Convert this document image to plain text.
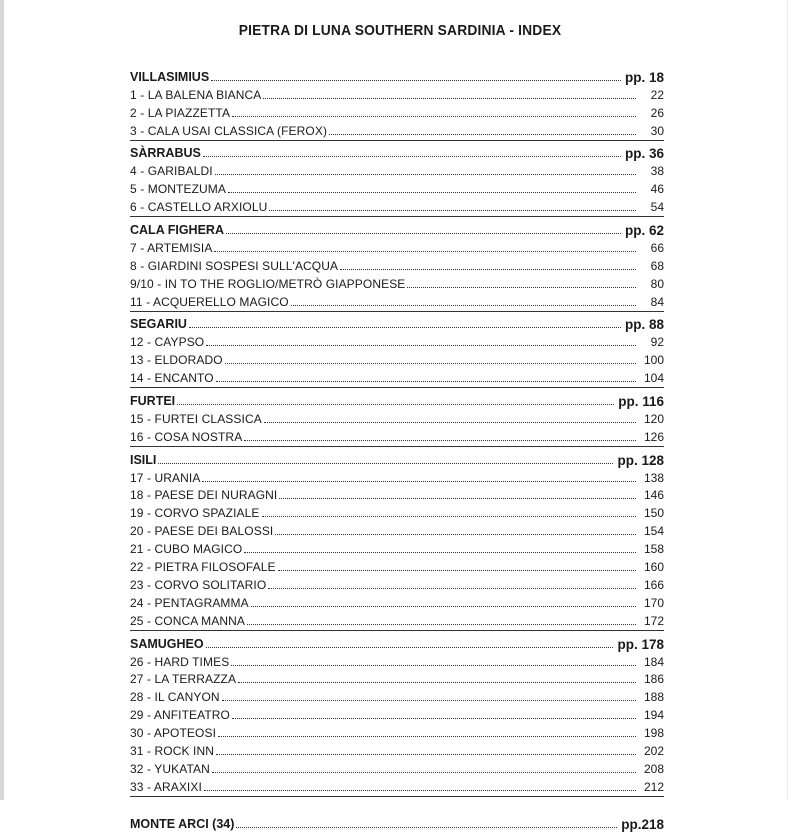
PIETRA DI LUNA SOUTHERN SARDINIA - INDEX
VILLASIMIUS	pp. 18
1 - LA BALENA BIANCA	22
2 - LA PIAZZETTA	26
3 - CALA USAI CLASSICA (FEROX)	30
SÀRRABUS	pp. 36
4 - GARIBALDI	38
5 - MONTEZUMA	46
6 - CASTELLO ARXIOLU	54
CALA FIGHERA	pp. 62
7 - ARTEMISIA	66
8 - GIARDINI SOSPESI SULL'ACQUA	68
9/10 - IN TO THE ROGLIO/METRÒ GIAPPONESE	80
11 - ACQUERELLO MAGICO	84
SEGARIU	pp. 88
12 - CAYPSO	92
13 - ELDORADO	100
14 - ENCANTO	104
FURTEI	pp. 116
15 - FURTEI CLASSICA	120
16 - COSA NOSTRA	126
ISILI	pp. 128
17 - URANIA	138
18 - PAESE DEI NURAGNI	146
19 - CORVO SPAZIALE	150
20 - PAESE DEI BALOSSI	154
21 - CUBO MAGICO	158
22 - PIETRA FILOSOFALE	160
23 - CORVO SOLITARIO	166
24 - PENTAGRAMMA	170
25 - CONCA MANNA	172
SAMUGHEO	pp. 178
26 - HARD TIMES	184
27 - LA TERRAZZA	186
28 - IL CANYON	188
29 - ANFITEATRO	194
30 - APOTEOSI	198
31 - ROCK INN	202
32 - YUKATAN	208
33 - ARAXIXI	212
MONTE ARCI (34)	pp.218
